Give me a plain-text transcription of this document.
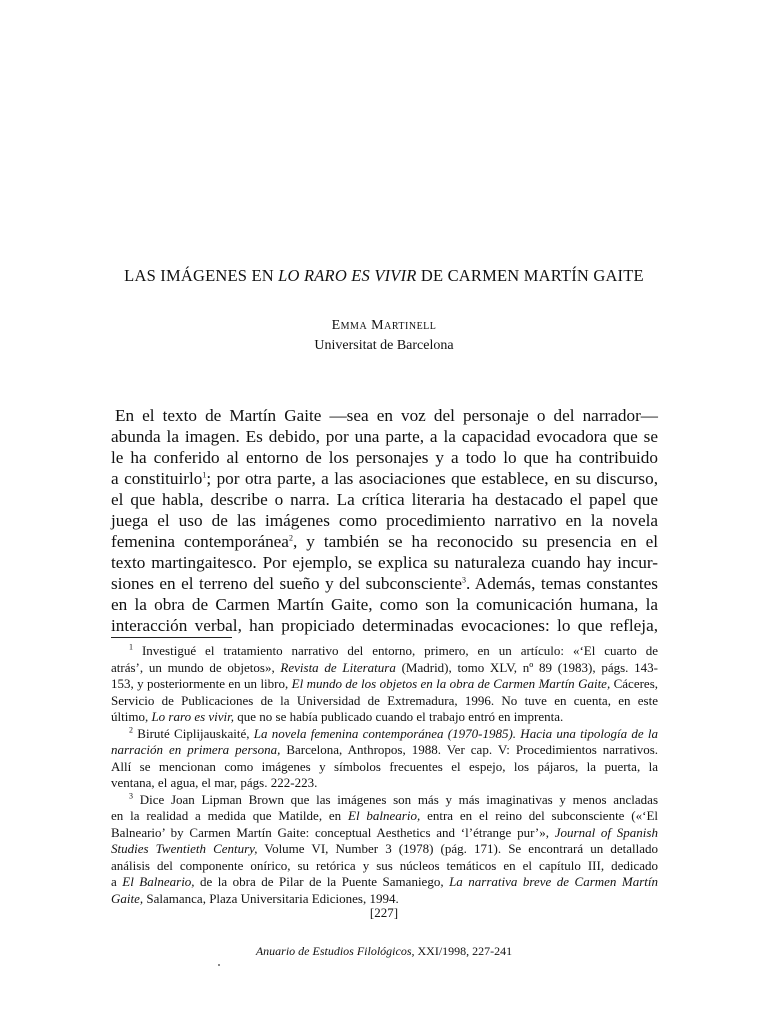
LAS IMÁGENES EN LO RARO ES VIVIR DE CARMEN MARTÍN GAITE
Emma Martinell
Universitat de Barcelona
En el texto de Martín Gaite —sea en voz del personaje o del narrador—
abunda la imagen. Es debido, por una parte, a la capacidad evocadora que se
le ha conferido al entorno de los personajes y a todo lo que ha contribuido
a constituirlo$^1$; por otra parte, a las asociaciones que establece, en su discurso,
el que habla, describe o narra. La crítica literaria ha destacado el papel que
juega el uso de las imágenes como procedimiento narrativo en la novela
femenina contemporánea$^2$, y también se ha reconocido su presencia en el
texto martingaitesco. Por ejemplo, se explica su naturaleza cuando hay incur-
siones en el terreno del sueño y del subconsciente$^3$. Además, temas constantes
en la obra de Carmen Martín Gaite, como son la comunicación humana, la
interacción verbal, han propiciado determinadas evocaciones: lo que refleja,
$^1$ Investigué el tratamiento narrativo del entorno, primero, en un artículo: «‘El cuarto de
atrás’, un mundo de objetos», Revista de Literatura (Madrid), tomo XLV, nº 89 (1983), págs. 143-
153, y posteriormente en un libro, El mundo de los objetos en la obra de Carmen Martín Gaite, Cáceres,
Servicio de Publicaciones de la Universidad de Extremadura, 1996. No tuve en cuenta, en este
último, Lo raro es vivir, que no se había publicado cuando el trabajo entró en imprenta.
$^2$ Biruté Ciplijauskaité, La novela femenina contemporánea (1970-1985). Hacia una tipología de la
narración en primera persona, Barcelona, Anthropos, 1988. Ver cap. V: Procedimientos narrativos.
Allí se mencionan como imágenes y símbolos frecuentes el espejo, los pájaros, la puerta, la
ventana, el agua, el mar, págs. 222-223.
$^3$ Dice Joan Lipman Brown que las imágenes son más y más imaginativas y menos ancladas
en la realidad a medida que Matilde, en El balneario, entra en el reino del subconsciente («‘El
Balneario’ by Carmen Martín Gaite: conceptual Aesthetics and ‘l’étrange pur’», Journal of Spanish
Studies Twentieth Century, Volume VI, Number 3 (1978) (pág. 171). Se encontrará un detallado
análisis del componente onírico, su retórica y sus núcleos temáticos en el capítulo III, dedicado
a El Balneario, de la obra de Pilar de la Puente Samaniego, La narrativa breve de Carmen Martín
Gaite, Salamanca, Plaza Universitaria Ediciones, 1994.
[227]
Anuario de Estudios Filológicos, XXI/1998, 227-241
